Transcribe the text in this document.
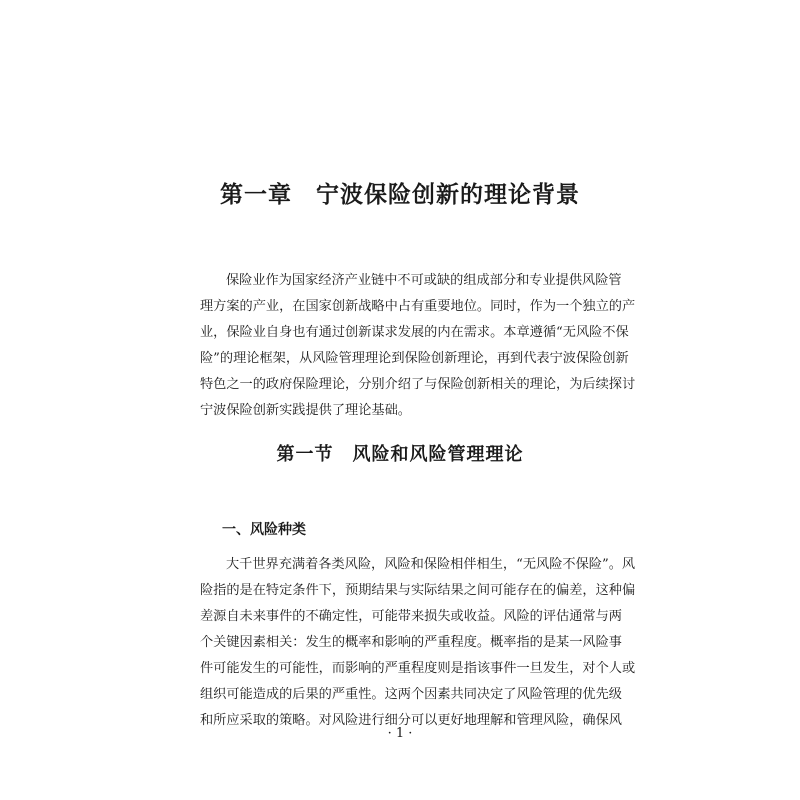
第一章　宁波保险创新的理论背景
保险业作为国家经济产业链中不可或缺的组成部分和专业提供风险管
理方案的产业，在国家创新战略中占有重要地位。同时，作为一个独立的产
业，保险业自身也有通过创新谋求发展的内在需求。本章遵循“无风险不保
险”的理论框架，从风险管理理论到保险创新理论，再到代表宁波保险创新
特色之一的政府保险理论，分别介绍了与保险创新相关的理论，为后续探讨
宁波保险创新实践提供了理论基础。
第一节　风险和风险管理理论
一、风险种类
大千世界充满着各类风险，风险和保险相伴相生，“无风险不保险”。风
险指的是在特定条件下，预期结果与实际结果之间可能存在的偏差，这种偏
差源自未来事件的不确定性，可能带来损失或收益。风险的评估通常与两
个关键因素相关：发生的概率和影响的严重程度。概率指的是某一风险事
件可能发生的可能性，而影响的严重程度则是指该事件一旦发生，对个人或
组织可能造成的后果的严重性。这两个因素共同决定了风险管理的优先级
和所应采取的策略。对风险进行细分可以更好地理解和管理风险，确保风
· 1 ·
